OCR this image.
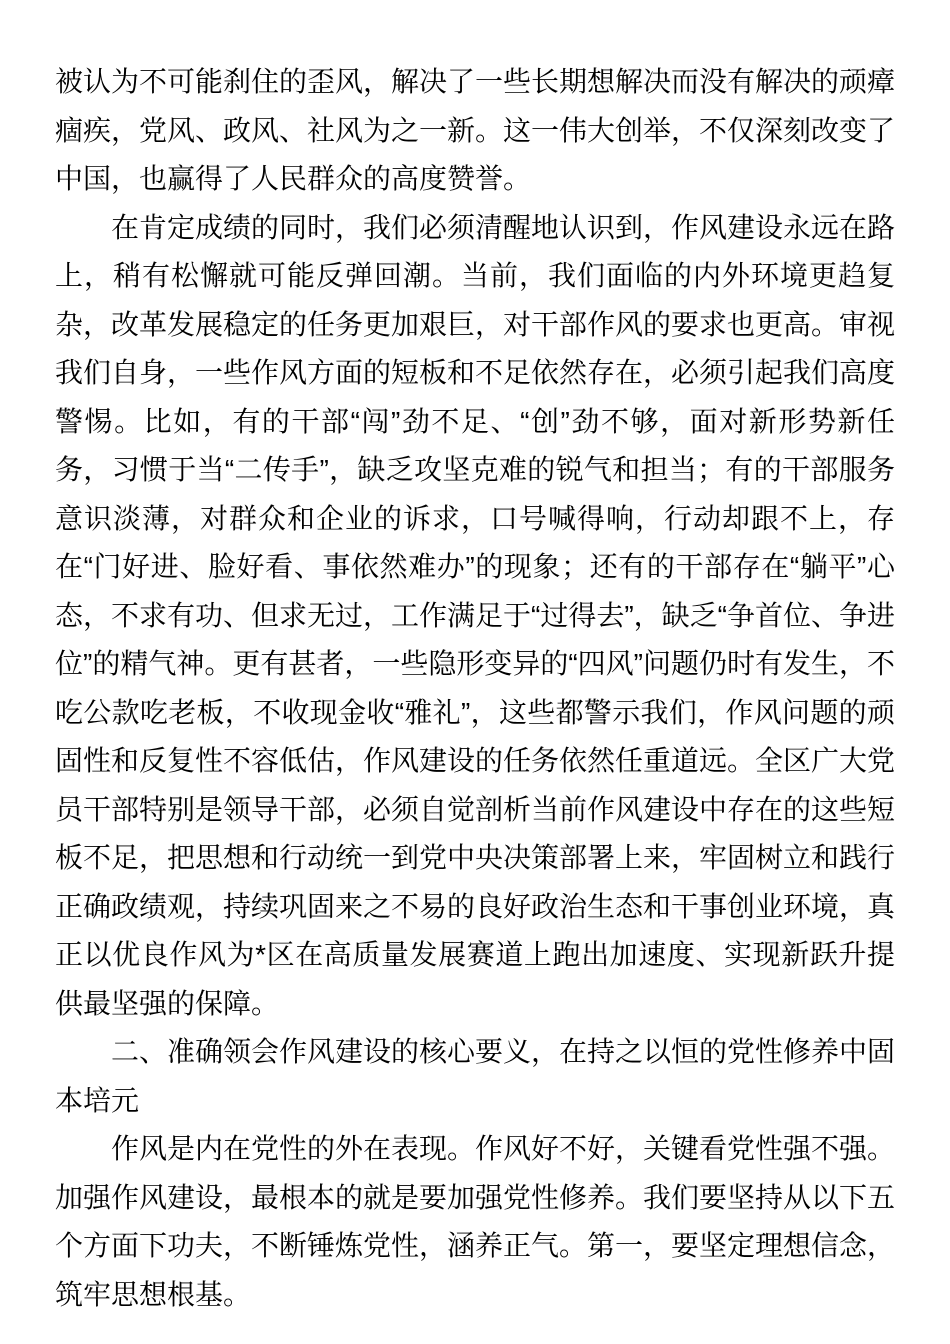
被认为不可能刹住的歪风，解决了一些长期想解决而没有解决的顽瘴痼疾，党风、政风、社风为之一新。这一伟大创举，不仅深刻改变了中国，也赢得了人民群众的高度赞誉。

在肯定成绩的同时，我们必须清醒地认识到，作风建设永远在路上，稍有松懈就可能反弹回潮。当前，我们面临的内外环境更趋复杂，改革发展稳定的任务更加艰巨，对干部作风的要求也更高。审视我们自身，一些作风方面的短板和不足依然存在，必须引起我们高度警惕。比如，有的干部“闯”劲不足、“创”劲不够，面对新形势新任务，习惯于当“二传手”，缺乏攻坚克难的锐气和担当；有的干部服务意识淡薄，对群众和企业的诉求，口号喊得响，行动却跟不上，存在“门好进、脸好看、事依然难办”的现象；还有的干部存在“躺平”心态，不求有功、但求无过，工作满足于“过得去”，缺乏“争首位、争进位”的精气神。更有甚者，一些隐形变异的“四风”问题仍时有发生，不吃公款吃老板，不收现金收“雅礼”，这些都警示我们，作风问题的顽固性和反复性不容低估，作风建设的任务依然任重道远。全区广大党员干部特别是领导干部，必须自觉剖析当前作风建设中存在的这些短板不足，把思想和行动统一到党中央决策部署上来，牢固树立和践行正确政绩观，持续巩固来之不易的良好政治生态和干事创业环境，真正以优良作风为*区在高质量发展赛道上跑出加速度、实现新跃升提供最坚强的保障。

二、准确领会作风建设的核心要义，在持之以恒的党性修养中固本培元

作风是内在党性的外在表现。作风好不好，关键看党性强不强。加强作风建设，最根本的就是要加强党性修养。我们要坚持从以下五个方面下功夫，不断锤炼党性，涵养正气。第一，要坚定理想信念，筑牢思想根基。
